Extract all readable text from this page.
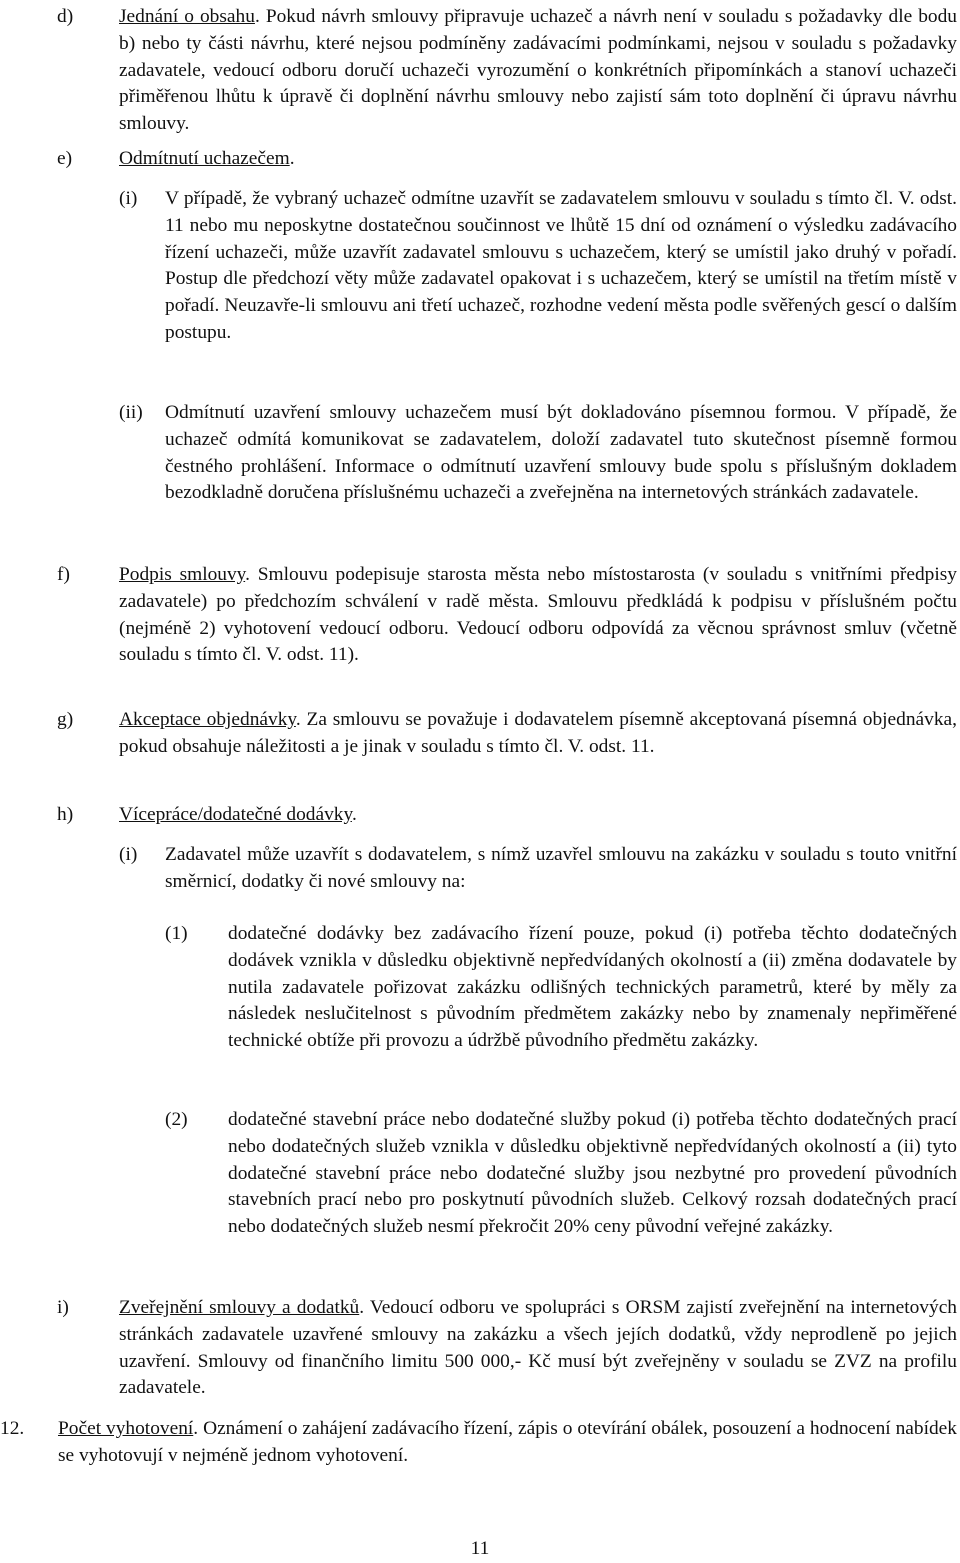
d) Jednání o obsahu. Pokud návrh smlouvy připravuje uchazeč a návrh není v souladu s požadavky dle bodu b) nebo ty části návrhu, které nejsou podmíněny zadávacími podmínkami, nejsou v souladu s požadavky zadavatele, vedoucí odboru doručí uchazeči vyrozumění o konkrétních připomínkách a stanoví uchazeči přiměřenou lhůtu k úpravě či doplnění návrhu smlouvy nebo zajistí sám toto doplnění či úpravu návrhu smlouvy.

e) Odmítnutí uchazečem.

(i) V případě, že vybraný uchazeč odmítne uzavřít se zadavatelem smlouvu v souladu s tímto čl. V. odst. 11 nebo mu neposkytne dostatečnou součinnost ve lhůtě 15 dní od oznámení o výsledku zadávacího řízení uchazeči, může uzavřít zadavatel smlouvu s uchazečem, který se umístil jako druhý v pořadí. Postup dle předchozí věty může zadavatel opakovat i s uchazečem, který se umístil na třetím místě v pořadí. Neuzavře-li smlouvu ani třetí uchazeč, rozhodne vedení města podle svěřených gescí o dalším postupu.

(ii) Odmítnutí uzavření smlouvy uchazečem musí být dokladováno písemnou formou. V případě, že uchazeč odmítá komunikovat se zadavatelem, doloží zadavatel tuto skutečnost písemně formou čestného prohlášení. Informace o odmítnutí uzavření smlouvy bude spolu s příslušným dokladem bezodkladně doručena příslušnému uchazeči a zveřejněna na internetových stránkách zadavatele.

f)	Podpis smlouvy. Smlouvu podepisuje starosta města nebo místostarosta (v souladu s vnitřními předpisy zadavatele) po předchozím schválení v radě města. Smlouvu předkládá k podpisu v příslušném počtu (nejméně 2) vyhotovení vedoucí odboru. Vedoucí odboru odpovídá za věcnou správnost smluv (včetně souladu s tímto čl. V. odst. 11).

g) Akceptace objednávky. Za smlouvu se považuje i dodavatelem písemně akceptovaná písemná objednávka, pokud obsahuje náležitosti a je jinak v souladu s tímto čl. V. odst. 11.

h) Vícepráce/dodatečné dodávky.

(i) Zadavatel může uzavřít s dodavatelem, s nímž uzavřel smlouvu na zakázku v souladu s touto vnitřní směrnicí, dodatky či nové smlouvy na:

(1) dodatečné dodávky bez zadávacího řízení pouze, pokud (i) potřeba těchto dodatečných dodávek vznikla v důsledku objektivně nepředvídaných okolností a (ii) změna dodavatele by nutila zadavatele pořizovat zakázku odlišných technických parametrů, které by měly za následek neslučitelnost s původním předmětem zakázky nebo by znamenaly nepřiměřené technické obtíže při provozu a údržbě původního předmětu zakázky.

(2) dodatečné stavební práce nebo dodatečné služby pokud (i) potřeba těchto dodatečných prací nebo dodatečných služeb vznikla v důsledku objektivně nepředvídaných okolností a (ii) tyto dodatečné stavební práce nebo dodatečné služby jsou nezbytné pro provedení původních stavebních prací nebo pro poskytnutí původních služeb. Celkový rozsah dodatečných prací nebo dodatečných služeb nesmí překročit 20% ceny původní veřejné zakázky.

i)	Zveřejnění smlouvy a dodatků. Vedoucí odboru ve spolupráci s ORSM zajistí zveřejnění na internetových stránkách zadavatele uzavřené smlouvy na zakázku a všech jejích dodatků, vždy neprodleně po jejich uzavření. Smlouvy od finančního limitu 500 000,- Kč musí být zveřejněny v souladu se ZVZ na profilu zadavatele.

12. Počet vyhotovení. Oznámení o zahájení zadávacího řízení, zápis o otevírání obálek, posouzení a hodnocení nabídek se vyhotovují v nejméně jednom vyhotovení.

11
